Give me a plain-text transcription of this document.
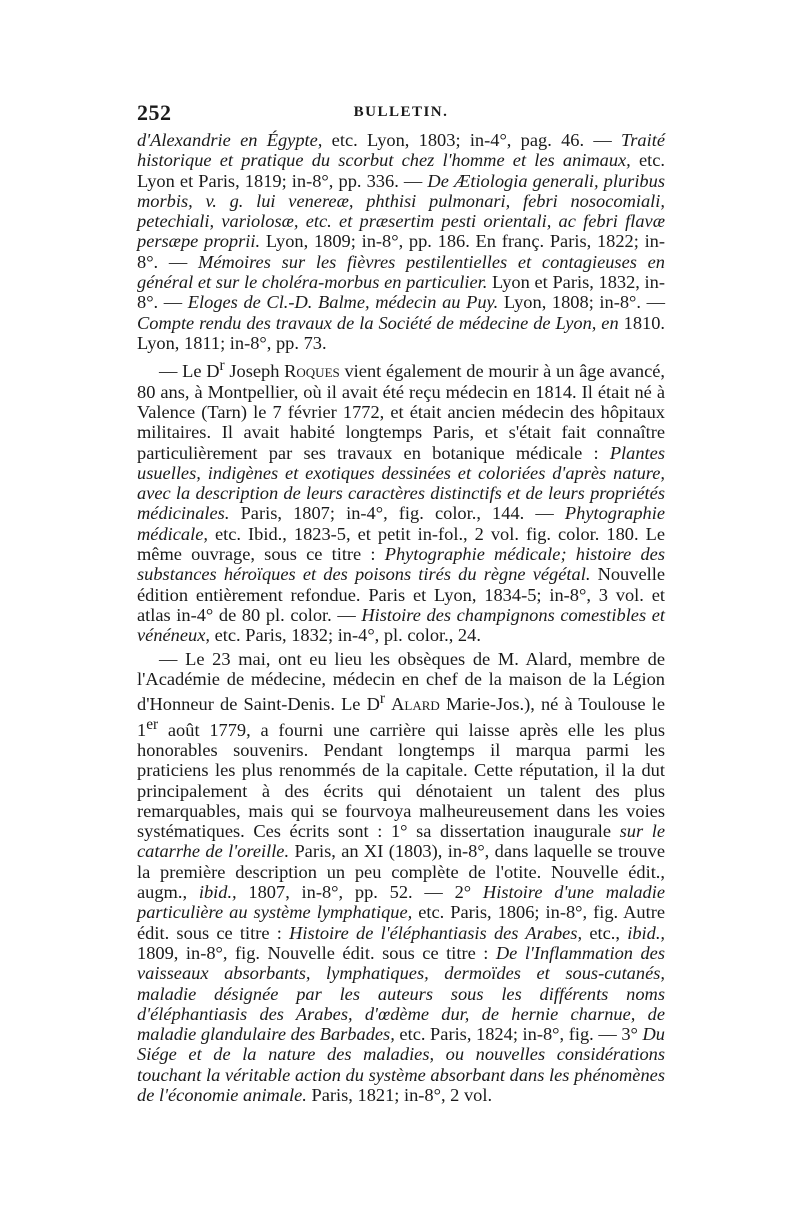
252	BULLETIN.

d'Alexandrie en Égypte, etc. Lyon, 1803; in-4°, pag. 46. — Traité historique et pratique du scorbut chez l'homme et les animaux, etc. Lyon et Paris, 1819; in-8°, pp. 336. — De Ætiologia generali, pluribus morbis, v. g. lui venereæ, phthisi pulmonari, febri nosocomiali, petechiali, variolosæ, etc. et præsertim pesti orientali, ac febri flavæ persæpe proprii. Lyon, 1809; in-8°, pp. 186. En franç. Paris, 1822; in-8°. — Mémoires sur les fièvres pestilentielles et contagieuses en général et sur le choléra-morbus en particulier. Lyon et Paris, 1832, in-8°. — Eloges de Cl.-D. Balme, médecin au Puy. Lyon, 1808; in-8°. — Compte rendu des travaux de la Société de médecine de Lyon, en 1810. Lyon, 1811; in-8°, pp. 73.

— Le $D^r$ Joseph Roques vient également de mourir à un âge avancé, 80 ans, à Montpellier, où il avait été reçu médecin en 1814. Il était né à Valence (Tarn) le 7 février 1772, et était ancien médecin des hôpitaux militaires. Il avait habité longtemps Paris, et s'était fait connaître particulièrement par ses travaux en botanique médicale : Plantes usuelles, indigènes et exotiques dessinées et coloriées d'après nature, avec la description de leurs caractères distinctifs et de leurs propriétés médicinales. Paris, 1807; in-4°, fig. color., 144. — Phytographie médicale, etc. Ibid., 1823-5, et petit in-fol., 2 vol. fig. color. 180. Le même ouvrage, sous ce titre : Phytographie médicale; histoire des substances héroïques et des poisons tirés du règne végétal. Nouvelle édition entièrement refondue. Paris et Lyon, 1834-5; in-8°, 3 vol. et atlas in-4° de 80 pl. color. — Histoire des champignons comestibles et vénéneux, etc. Paris, 1832; in-4°, pl. color., 24.

— Le 23 mai, ont eu lieu les obsèques de M. Alard, membre de l'Académie de médecine, médecin en chef de la maison de la Légion d'Honneur de Saint-Denis. Le $D^r$ Alard Marie-Jos.), né à Toulouse le 1er août 1779, a fourni une carrière qui laisse après elle les plus honorables souvenirs. Pendant longtemps il marqua parmi les praticiens les plus renommés de la capitale. Cette réputation, il la dut principalement à des écrits qui dénotaient un talent des plus remarquables, mais qui se fourvoya malheureusement dans les voies systématiques. Ces écrits sont : 1° sa dissertation inaugurale sur le catarrhe de l'oreille. Paris, an XI (1803), in-8°, dans laquelle se trouve la première description un peu complète de l'otite. Nouvelle édit., augm., ibid., 1807, in-8°, pp. 52. — 2° Histoire d'une maladie particulière au système lymphatique, etc. Paris, 1806; in-8°, fig. Autre édit. sous ce titre : Histoire de l'éléphantiasis des Arabes, etc., ibid., 1809, in-8°, fig. Nouvelle édit. sous ce titre : De l'Inflammation des vaisseaux absorbants, lymphatiques, dermoïdes et sous-cutanés, maladie désignée par les auteurs sous les différents noms d'éléphantiasis des Arabes, d'œdème dur, de hernie charnue, de maladie glandulaire des Barbades, etc. Paris, 1824; in-8°, fig. — 3° Du Siége et de la nature des maladies, ou nouvelles considérations touchant la véritable action du système absorbant dans les phénomènes de l'économie animale. Paris, 1821; in-8°, 2 vol.
